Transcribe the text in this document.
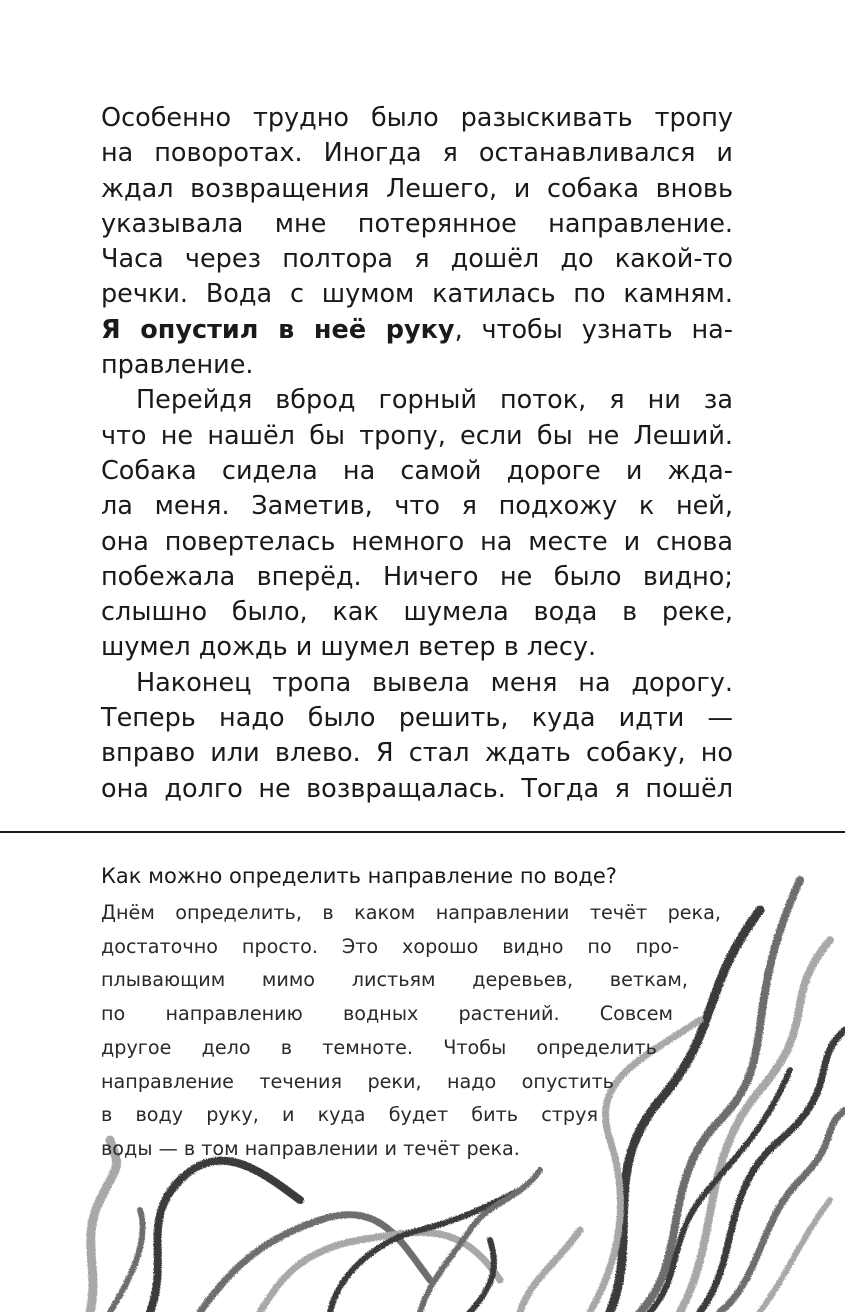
Особенно трудно было разыскивать тропу
на поворотах. Иногда я останавливался и
ждал возвращения Лешего, и собака вновь
указывала мне потерянное направление.
Часа через полтора я дошёл до какой-то
речки. Вода с шумом катилась по камням.
Я опустил в неё руку, чтобы узнать на-
правление.
Перейдя вброд горный поток, я ни за
что не нашёл бы тропу, если бы не Леший.
Собака сидела на самой дороге и жда-
ла меня. Заметив, что я подхожу к ней,
она повертелась немного на месте и снова
побежала вперёд. Ничего не было видно;
слышно было, как шумела вода в реке,
шумел дождь и шумел ветер в лесу.
Наконец тропа вывела меня на дорогу.
Теперь надо было решить, куда идти —
вправо или влево. Я стал ждать собаку, но
она долго не возвращалась. Тогда я пошёл
Как можно определить направление по воде?
Днём определить, в каком направлении течёт река,
достаточно просто. Это хорошо видно по про-
плывающим мимо листьям деревьев, веткам,
по направлению водных растений. Совсем
другое дело в темноте. Чтобы определить
направление течения реки, надо опустить
в воду руку, и куда будет бить струя
воды — в том направлении и течёт река.
